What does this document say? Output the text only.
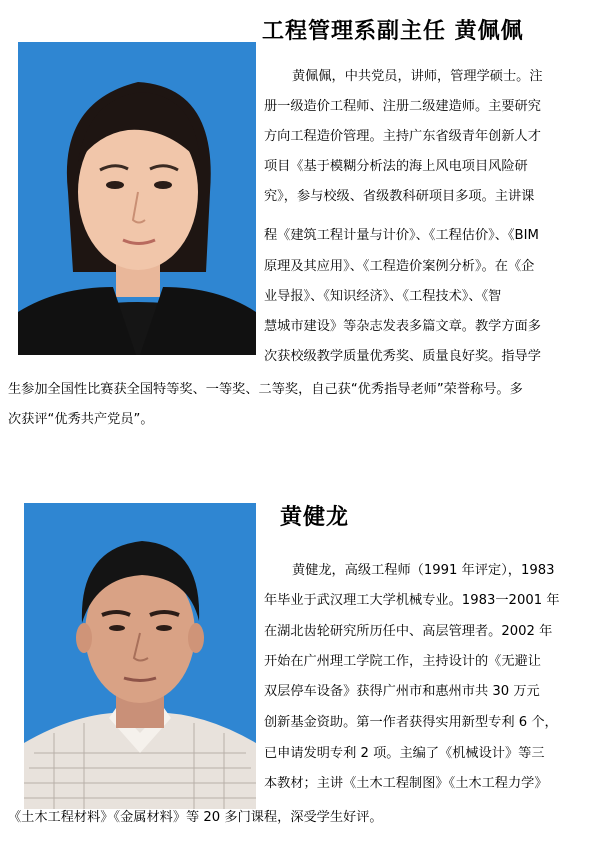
工程管理系副主任 黄佩佩
黄佩佩，中共党员，讲师，管理学硕士。注
册一级造价工程师、注册二级建造师。主要研究
方向工程造价管理。主持广东省级青年创新人才
项目《基于模糊分析法的海上风电项目风险研
究》，参与校级、省级教科研项目多项。主讲课
程《建筑工程计量与计价》、《工程估价》、《BIM
原理及其应用》、《工程造价案例分析》。在《企
业导报》、《知识经济》、《工程技术》、《智
慧城市建设》等杂志发表多篇文章。教学方面多
次获校级教学质量优秀奖、质量良好奖。指导学
生参加全国性比赛获全国特等奖、一等奖、二等奖，自己获“优秀指导老师”荣誉称号。多
次获评“优秀共产党员”。
黄健龙
黄健龙，高级工程师（1991 年评定），1983
年毕业于武汉理工大学机械专业。1983一2001 年
在湖北齿轮研究所历任中、高层管理者。2002 年
开始在广州理工学院工作，主持设计的《无避让
双层停车设备》获得广州市和惠州市共 30 万元
创新基金资助。第一作者获得实用新型专利 6 个，
已申请发明专利 2 项。主编了《机械设计》等三
本教材；主讲《土木工程制图》《土木工程力学》
《土木工程材料》《金属材料》等 20 多门课程，深受学生好评。
